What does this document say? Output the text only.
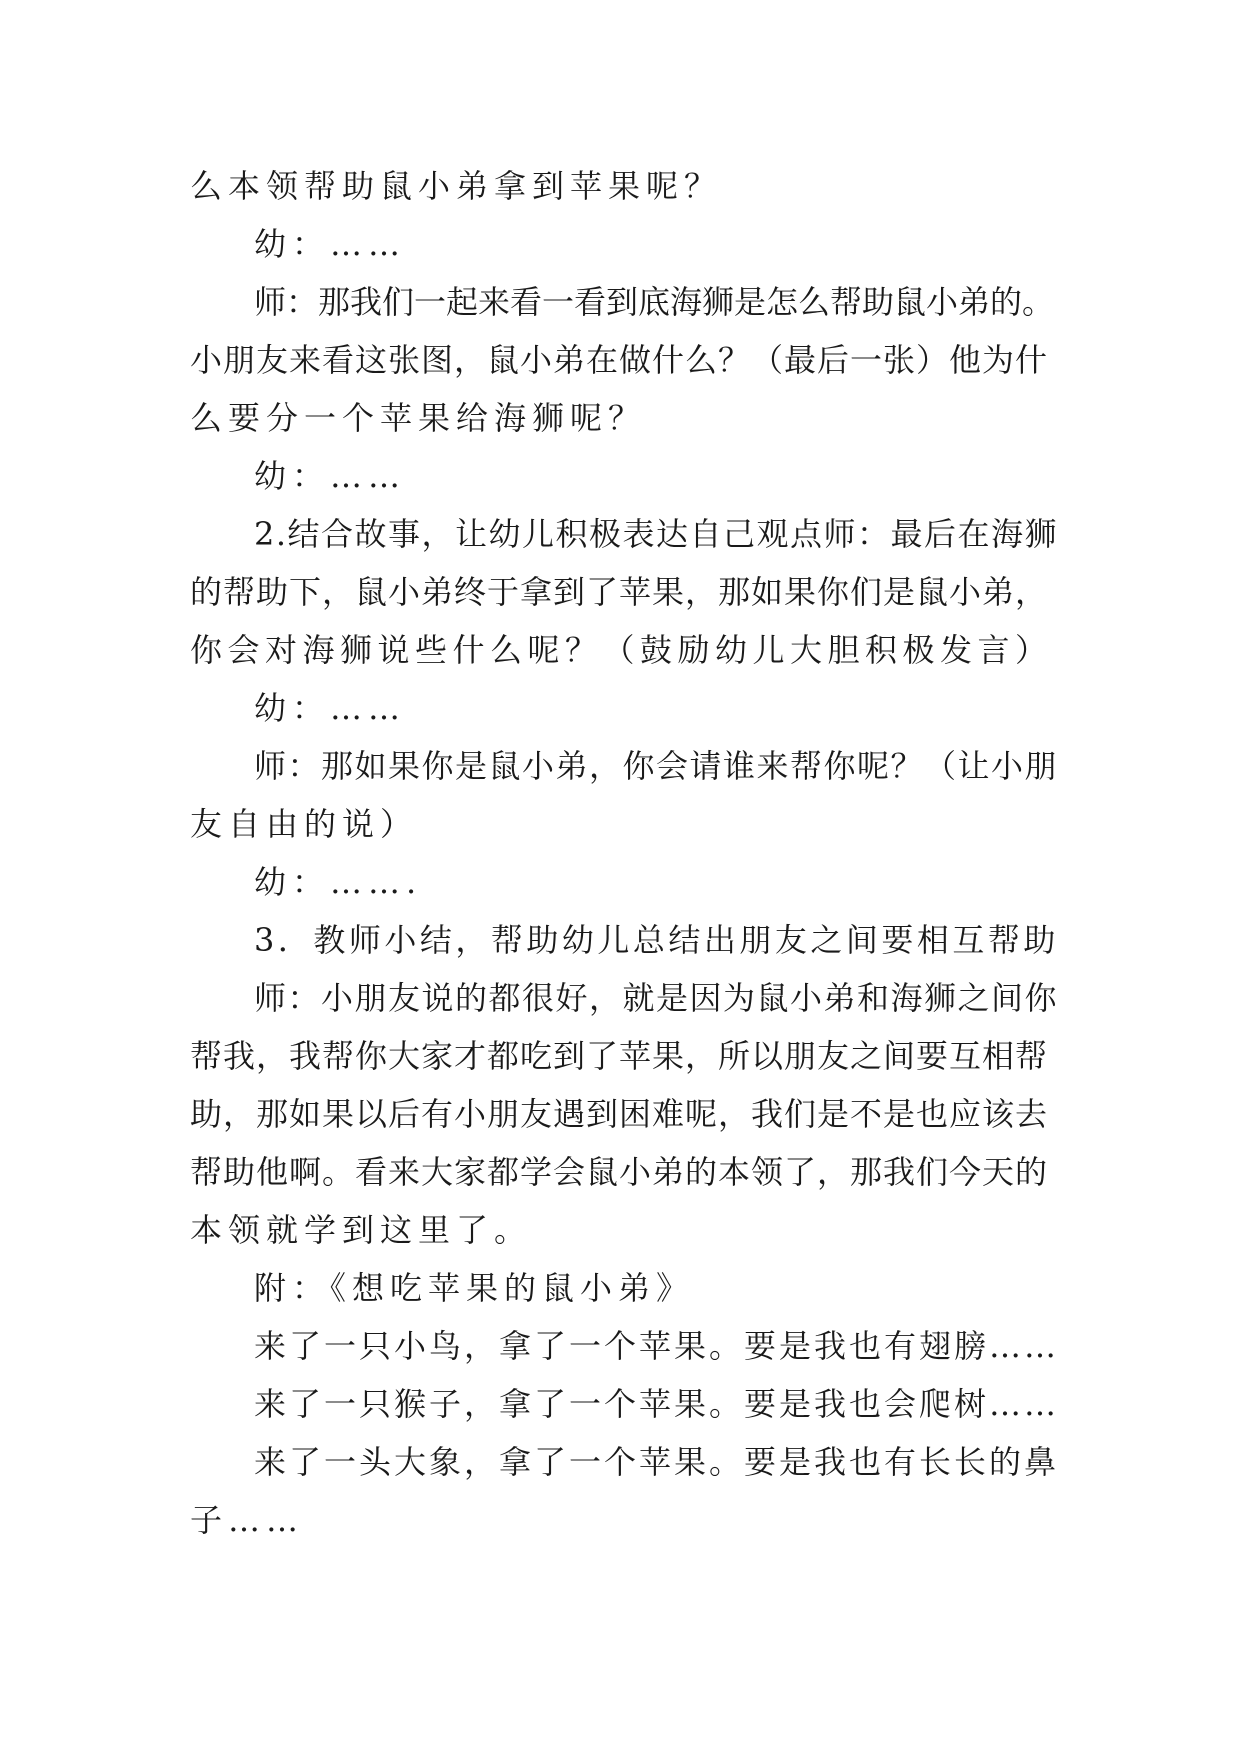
么本领帮助鼠小弟拿到苹果呢？
幼：……
师：那我们一起来看一看到底海狮是怎么帮助鼠小弟的。
小朋友来看这张图，鼠小弟在做什么？（最后一张）他为什
么要分一个苹果给海狮呢？
幼：……
2.结合故事，让幼儿积极表达自己观点师：最后在海狮
的帮助下，鼠小弟终于拿到了苹果，那如果你们是鼠小弟，
你会对海狮说些什么呢？（鼓励幼儿大胆积极发言）
幼：……
师：那如果你是鼠小弟，你会请谁来帮你呢？（让小朋
友自由的说）
幼：…….
3．教师小结，帮助幼儿总结出朋友之间要相互帮助
师：小朋友说的都很好，就是因为鼠小弟和海狮之间你
帮我，我帮你大家才都吃到了苹果，所以朋友之间要互相帮
助，那如果以后有小朋友遇到困难呢，我们是不是也应该去
帮助他啊。看来大家都学会鼠小弟的本领了，那我们今天的
本领就学到这里了。
附：《想吃苹果的鼠小弟》
来了一只小鸟，拿了一个苹果。要是我也有翅膀……
来了一只猴子，拿了一个苹果。要是我也会爬树……
来了一头大象，拿了一个苹果。要是我也有长长的鼻
子……
